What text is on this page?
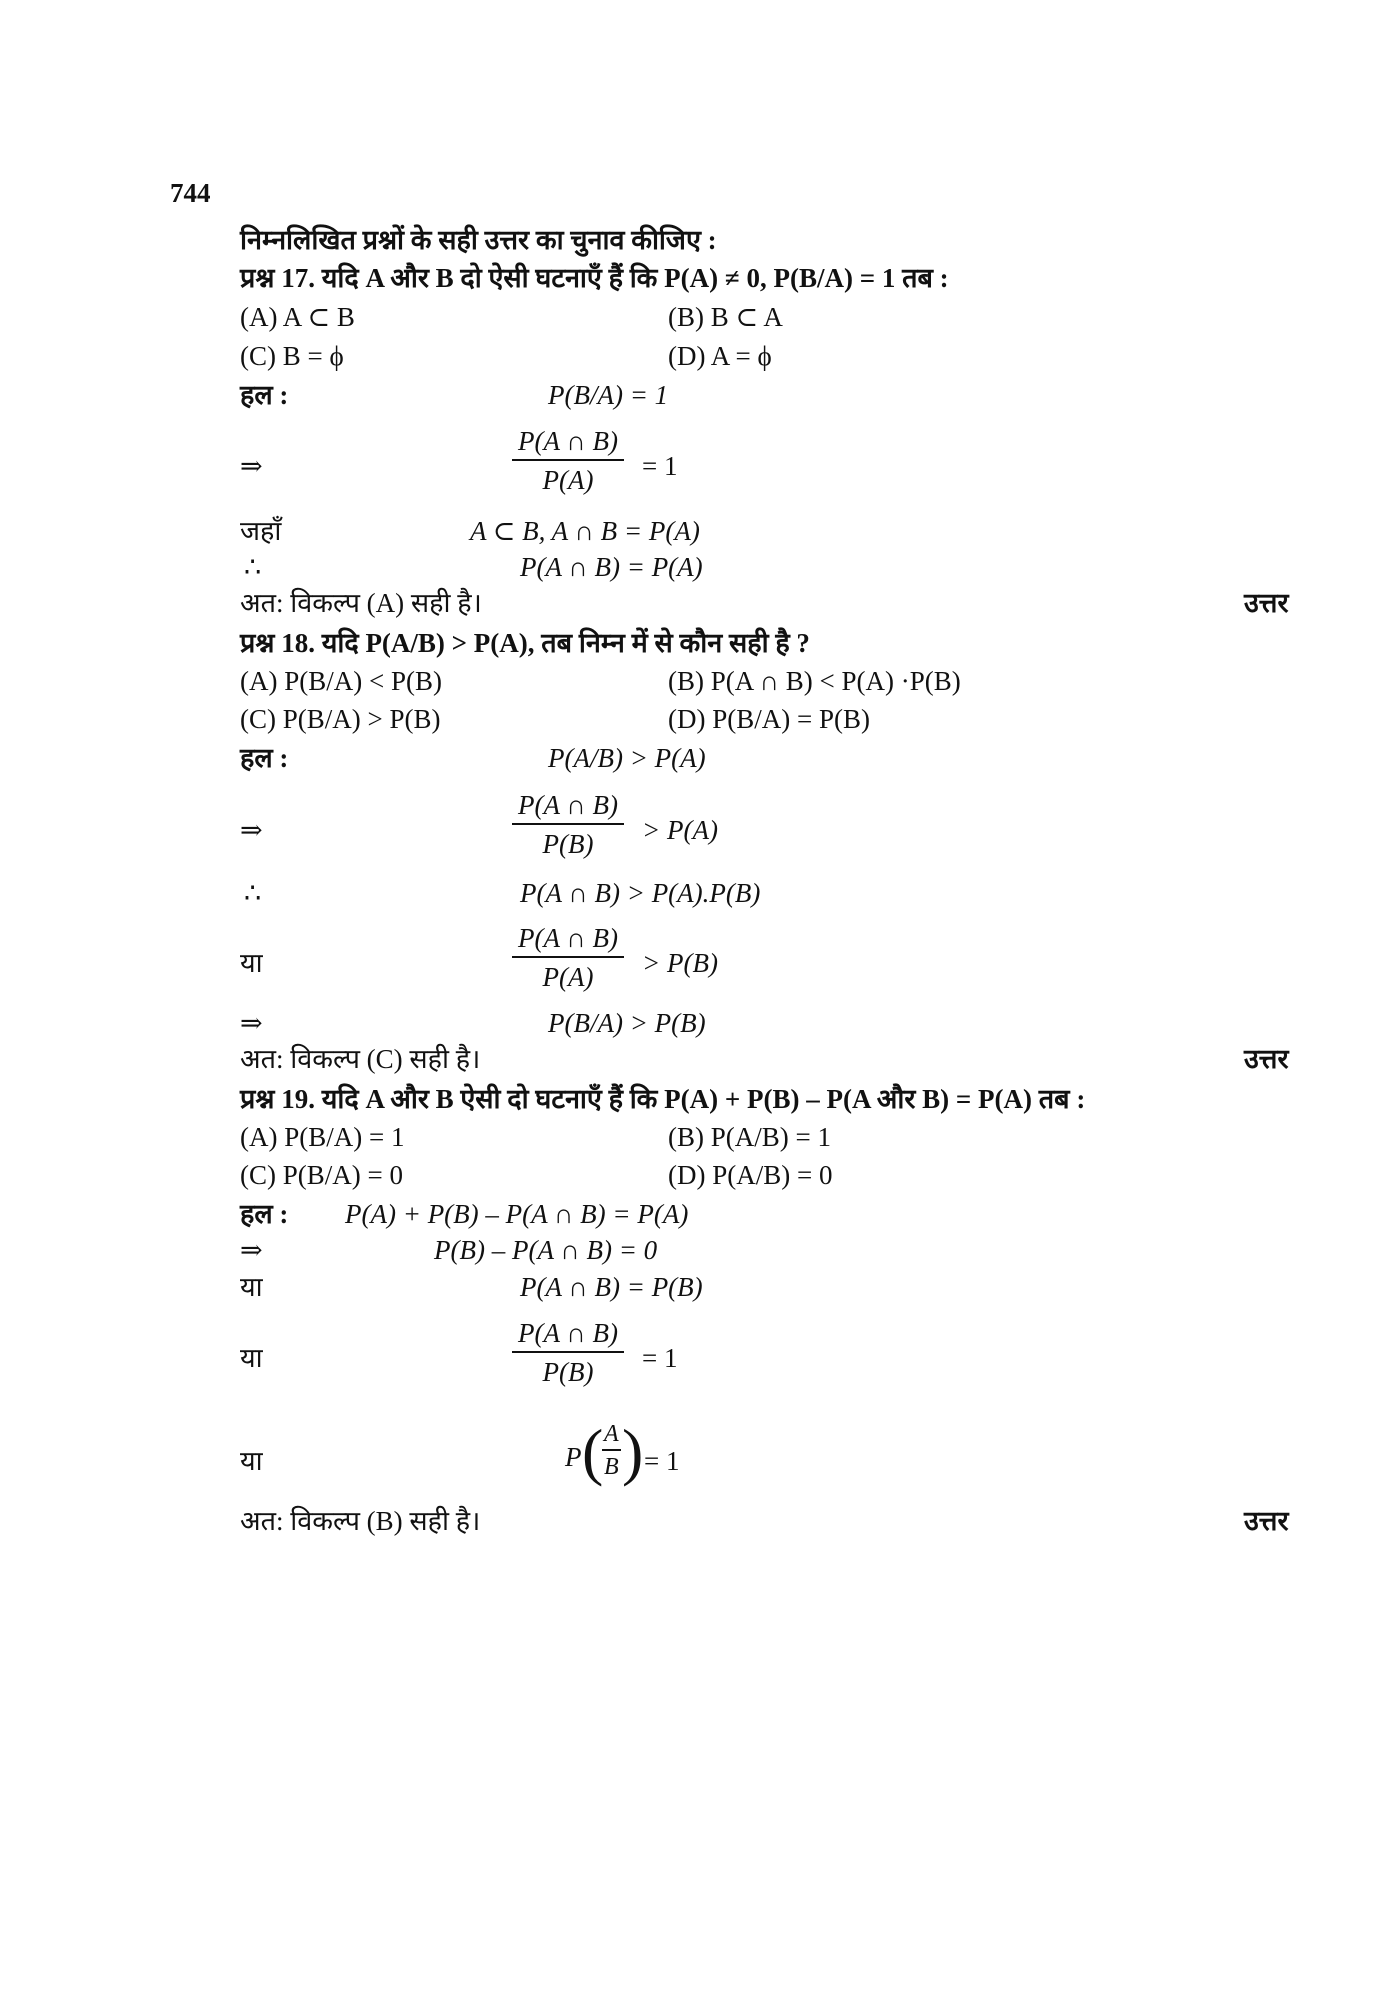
744
निम्नलिखित प्रश्नों के सही उत्तर का चुनाव कीजिए :
प्रश्न 17. यदि A और B दो ऐसी घटनाएँ हैं कि P(A) ≠ 0, P(B/A) = 1 तब :
(A) A ⊂ B	(B) B ⊂ A
(C) B = ϕ	(D) A = ϕ
हल :	P(B/A) = 1
⇒	$\frac{P(A \cap B)}{P(A)} = 1$
जहाँ	A ⊂ B, A ∩ B = P(A)
∴	P(A ∩ B) = P(A)
अत: विकल्प (A) सही है।	उत्तर
प्रश्न 18. यदि P(A/B) > P(A), तब निम्न में से कौन सही है ?
(A) P(B/A) < P(B)	(B) P(A ∩ B) < P(A) ·P(B)
(C) P(B/A) > P(B)	(D) P(B/A) = P(B)
हल :	P(A/B) > P(A)
⇒	$\frac{P(A \cap B)}{P(B)} > P(A)$
∴	P(A ∩ B) > P(A).P(B)
या	$\frac{P(A \cap B)}{P(A)} > P(B)$
⇒	P(B/A) > P(B)
अत: विकल्प (C) सही है।	उत्तर
प्रश्न 19. यदि A और B ऐसी दो घटनाएँ हैं कि P(A) + P(B) – P(A और B) = P(A) तब :
(A) P(B/A) = 1	(B) P(A/B) = 1
(C) P(B/A) = 0	(D) P(A/B) = 0
हल : P(A) + P(B) – P(A ∩ B) = P(A)
⇒	P(B) – P(A ∩ B) = 0
या	P(A ∩ B) = P(B)
या	$\frac{P(A \cap B)}{P(B)} = 1$
या	P (
$\frac{A}{B}$ ) = 1
अत: विकल्प (B) सही है।	उत्तर
